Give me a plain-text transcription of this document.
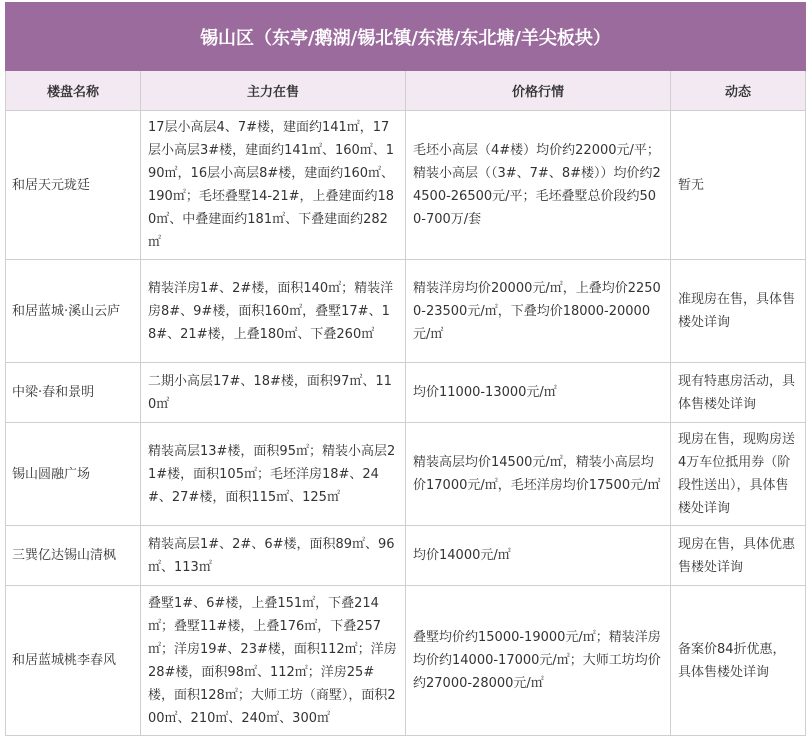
锡山区（东亭/鹅湖/锡北镇/东港/东北塘/羊尖板块）			
楼盘名称	主力在售	价格行情	动态
和居天元珑廷	17层小高层4、7#楼，建面约141㎡，17层小高层3#楼，建面约141㎡、160㎡、190㎡，16层小高层8#楼，建面约160㎡、190㎡；毛坯叠墅14-21#，上叠建面约180㎡、中叠建面约181㎡、下叠建面约282㎡	毛坯小高层（4#楼）均价约22000元/平；精装小高层（（3#、7#、8#楼））均价约24500-26500元/平；毛坯叠墅总价段约500-700万/套	暂无
和居蓝城·溪山云庐	精装洋房1#、2#楼，面积140㎡；精装洋房8#、9#楼，面积160㎡，叠墅17#、18#、21#楼，上叠180㎡、下叠260㎡	精装洋房均价20000元/㎡，上叠均价22500-23500元/㎡，下叠均价18000-20000元/㎡	准现房在售，具体售楼处详询
中梁·春和景明	二期小高层17#、18#楼，面积97㎡、110㎡	均价11000-13000元/㎡	现有特惠房活动，具体售楼处详询
锡山圆融广场	精装高层13#楼，面积95㎡；精装小高层21#楼，面积105㎡；毛坯洋房18#、24#、27#楼，面积115㎡、125㎡	精装高层均价14500元/㎡，精装小高层均价17000元/㎡，毛坯洋房均价17500元/㎡	现房在售，现购房送4万车位抵用券（阶段性送出），具体售楼处详询
三巽亿达锡山清枫	精装高层1#、2#、6#楼，面积89㎡、96㎡、113㎡	均价14000元/㎡	现房在售，具体优惠售楼处详询
和居蓝城桃李春风	叠墅1#、6#楼，上叠151㎡，下叠214㎡；叠墅11#楼，上叠176㎡，下叠257㎡；洋房19#、23#楼，面积112㎡；洋房28#楼，面积98㎡、112㎡；洋房25#楼，面积128㎡；大师工坊（商墅），面积200㎡、210㎡、240㎡、300㎡	叠墅均价约15000-19000元/㎡；精装洋房均价约14000-17000元/㎡；大师工坊均价约27000-28000元/㎡	备案价84折优惠，具体售楼处详询
